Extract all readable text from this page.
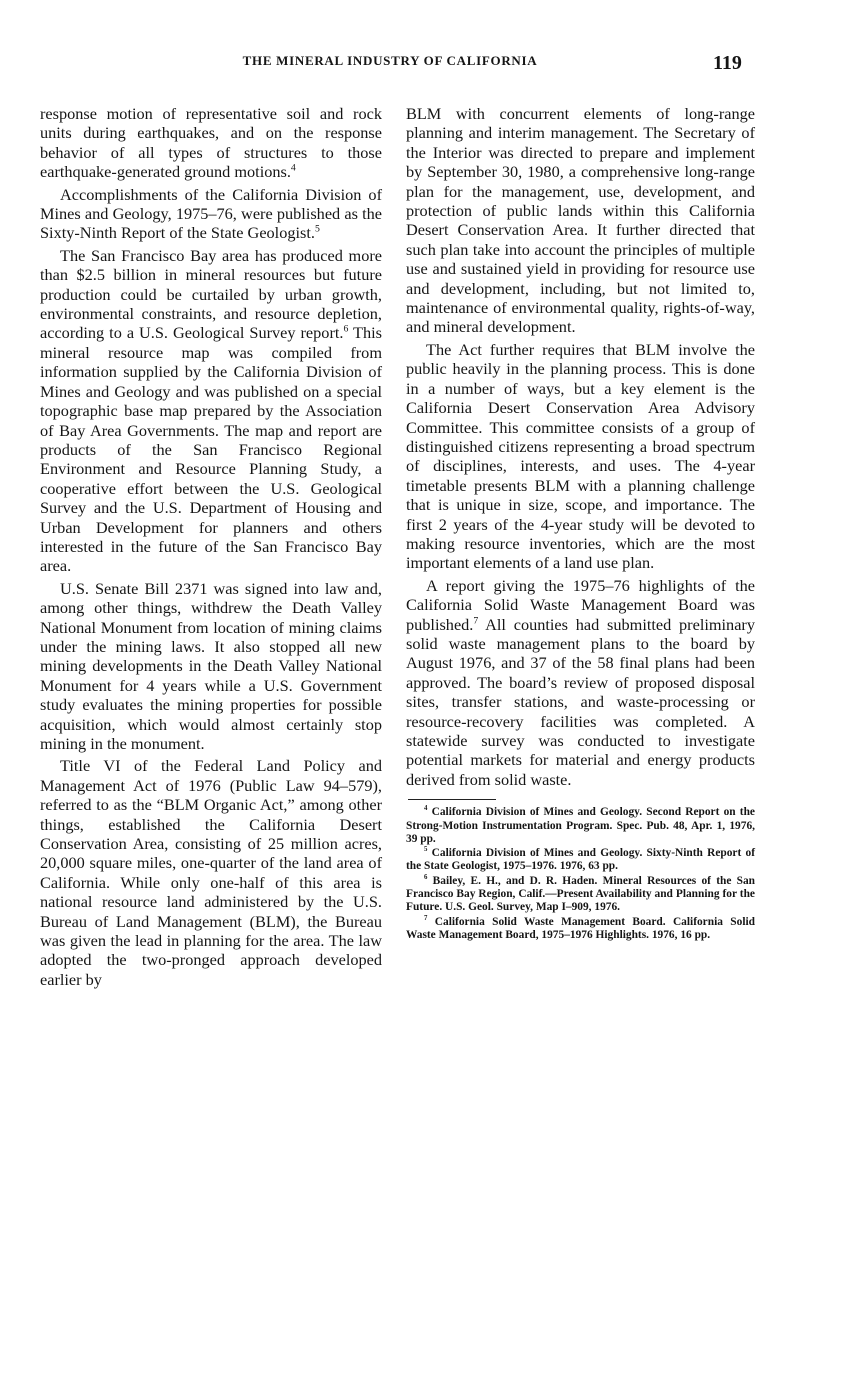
THE MINERAL INDUSTRY OF CALIFORNIA	119

response motion of representative soil and rock units during earthquakes, and on the response behavior of all types of structures to those earthquake-generated ground motions.$^4$

Accomplishments of the California Division of Mines and Geology, 1975–76, were published as the Sixty-Ninth Report of the State Geologist.$^5$

The San Francisco Bay area has produced more than $2.5 billion in mineral resources but future production could be curtailed by urban growth, environmental constraints, and resource depletion, according to a U.S. Geological Survey report.$^6$ This mineral resource map was compiled from information supplied by the California Division of Mines and Geology and was published on a special topographic base map prepared by the Association of Bay Area Governments. The map and report are products of the San Francisco Regional Environment and Resource Planning Study, a cooperative effort between the U.S. Geological Survey and the U.S. Department of Housing and Urban Development for planners and others interested in the future of the San Francisco Bay area.

U.S. Senate Bill 2371 was signed into law and, among other things, withdrew the Death Valley National Monument from location of mining claims under the mining laws. It also stopped all new mining developments in the Death Valley National Monument for 4 years while a U.S. Government study evaluates the mining properties for possible acquisition, which would almost certainly stop mining in the monument.

Title VI of the Federal Land Policy and Management Act of 1976 (Public Law 94–579), referred to as the “BLM Organic Act,” among other things, established the California Desert Conservation Area, consisting of 25 million acres, 20,000 square miles, one-quarter of the land area of California. While only one-half of this area is national resource land administered by the U.S. Bureau of Land Management (BLM), the Bureau was given the lead in planning for the area. The law adopted the two-pronged approach developed earlier by

BLM with concurrent elements of long-range planning and interim management. The Secretary of the Interior was directed to prepare and implement by September 30, 1980, a comprehensive long-range plan for the management, use, development, and protection of public lands within this California Desert Conservation Area. It further directed that such plan take into account the principles of multiple use and sustained yield in providing for resource use and development, including, but not limited to, maintenance of environmental quality, rights-of-way, and mineral development.

The Act further requires that BLM involve the public heavily in the planning process. This is done in a number of ways, but a key element is the California Desert Conservation Area Advisory Committee. This committee consists of a group of distinguished citizens representing a broad spectrum of disciplines, interests, and uses. The 4-year timetable presents BLM with a planning challenge that is unique in size, scope, and importance. The first 2 years of the 4-year study will be devoted to making resource inventories, which are the most important elements of a land use plan.

A report giving the 1975–76 highlights of the California Solid Waste Management Board was published.$^7$ All counties had submitted preliminary solid waste management plans to the board by August 1976, and 37 of the 58 final plans had been approved. The board’s review of proposed disposal sites, transfer stations, and waste-processing or resource-recovery facilities was completed. A statewide survey was conducted to investigate potential markets for material and energy products derived from solid waste.

$^4$ California Division of Mines and Geology. Second Report on the Strong-Motion Instrumentation Program. Spec. Pub. 48, Apr. 1, 1976, 39 pp.
$^5$ California Division of Mines and Geology. Sixty-Ninth Report of the State Geologist, 1975–1976. 1976, 63 pp.
$^6$ Bailey, E. H., and D. R. Haden. Mineral Resources of the San Francisco Bay Region, Calif.—Present Availability and Planning for the Future. U.S. Geol. Survey, Map I–909, 1976.
$^7$ California Solid Waste Management Board. California Solid Waste Management Board, 1975–1976 Highlights. 1976, 16 pp.
